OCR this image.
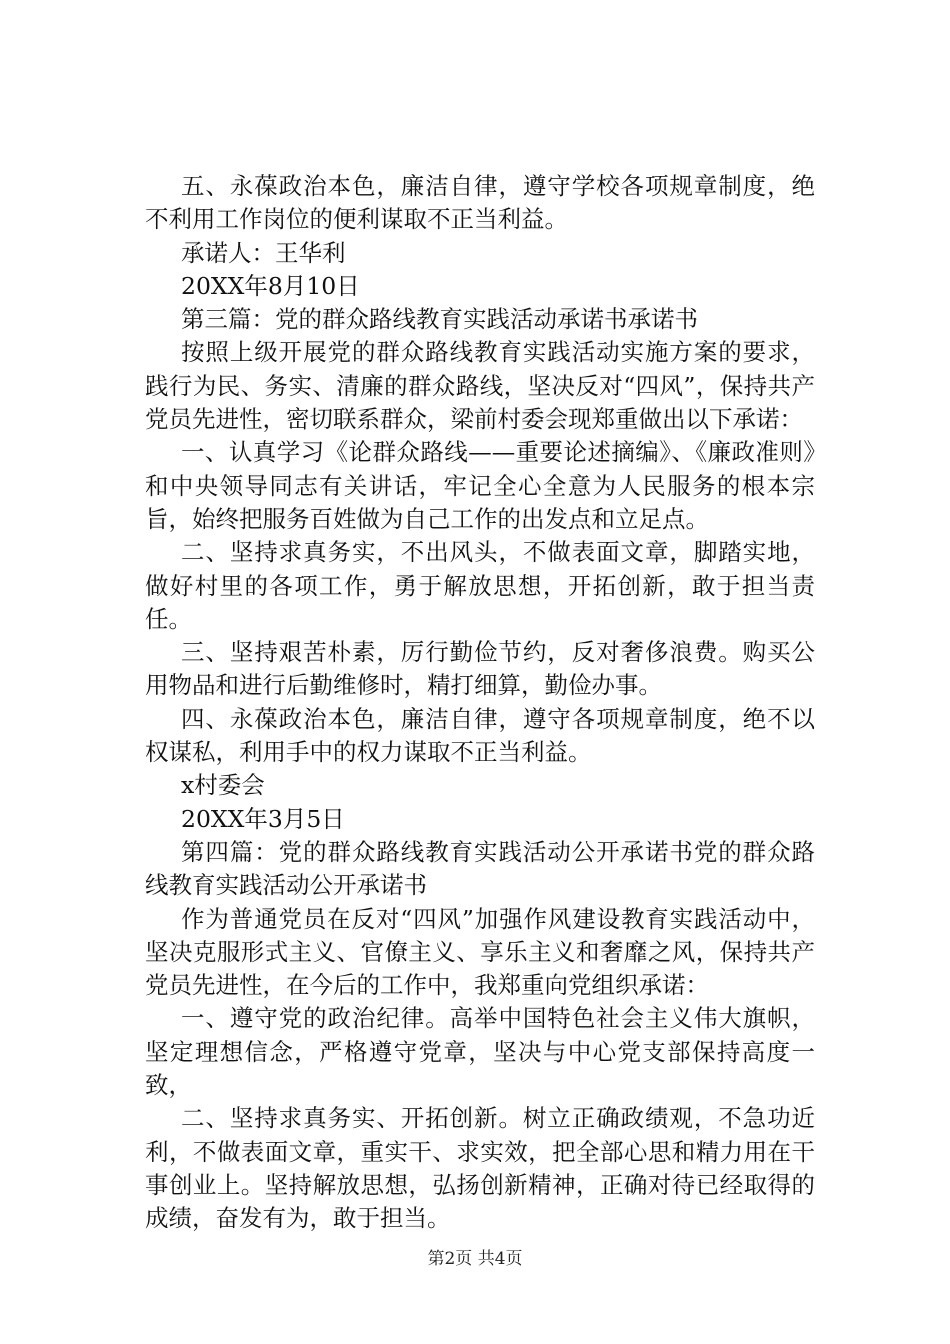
五、永葆政治本色，廉洁自律，遵守学校各项规章制度，绝不利用工作岗位的便利谋取不正当利益。

承诺人：王华利

20XX年8月10日

第三篇：党的群众路线教育实践活动承诺书承诺书

按照上级开展党的群众路线教育实践活动实施方案的要求，践行为民、务实、清廉的群众路线，坚决反对“四风”，保持共产党员先进性，密切联系群众，梁前村委会现郑重做出以下承诺：

一、认真学习《论群众路线——重要论述摘编》、《廉政准则》和中央领导同志有关讲话，牢记全心全意为人民服务的根本宗旨，始终把服务百姓做为自己工作的出发点和立足点。

二、坚持求真务实，不出风头，不做表面文章，脚踏实地，做好村里的各项工作，勇于解放思想，开拓创新，敢于担当责任。

三、坚持艰苦朴素，厉行勤俭节约，反对奢侈浪费。购买公用物品和进行后勤维修时，精打细算，勤俭办事。

四、永葆政治本色，廉洁自律，遵守各项规章制度，绝不以权谋私，利用手中的权力谋取不正当利益。

x村委会

20XX年3月5日

第四篇：党的群众路线教育实践活动公开承诺书党的群众路线教育实践活动公开承诺书

作为普通党员在反对“四风”加强作风建设教育实践活动中，坚决克服形式主义、官僚主义、享乐主义和奢靡之风，保持共产党员先进性，在今后的工作中，我郑重向党组织承诺：

一、遵守党的政治纪律。高举中国特色社会主义伟大旗帜，坚定理想信念，严格遵守党章，坚决与中心党支部保持高度一致，

二、坚持求真务实、开拓创新。树立正确政绩观，不急功近利，不做表面文章，重实干、求实效，把全部心思和精力用在干事创业上。坚持解放思想，弘扬创新精神，正确对待已经取得的成绩，奋发有为，敢于担当。

第2页 共4页
